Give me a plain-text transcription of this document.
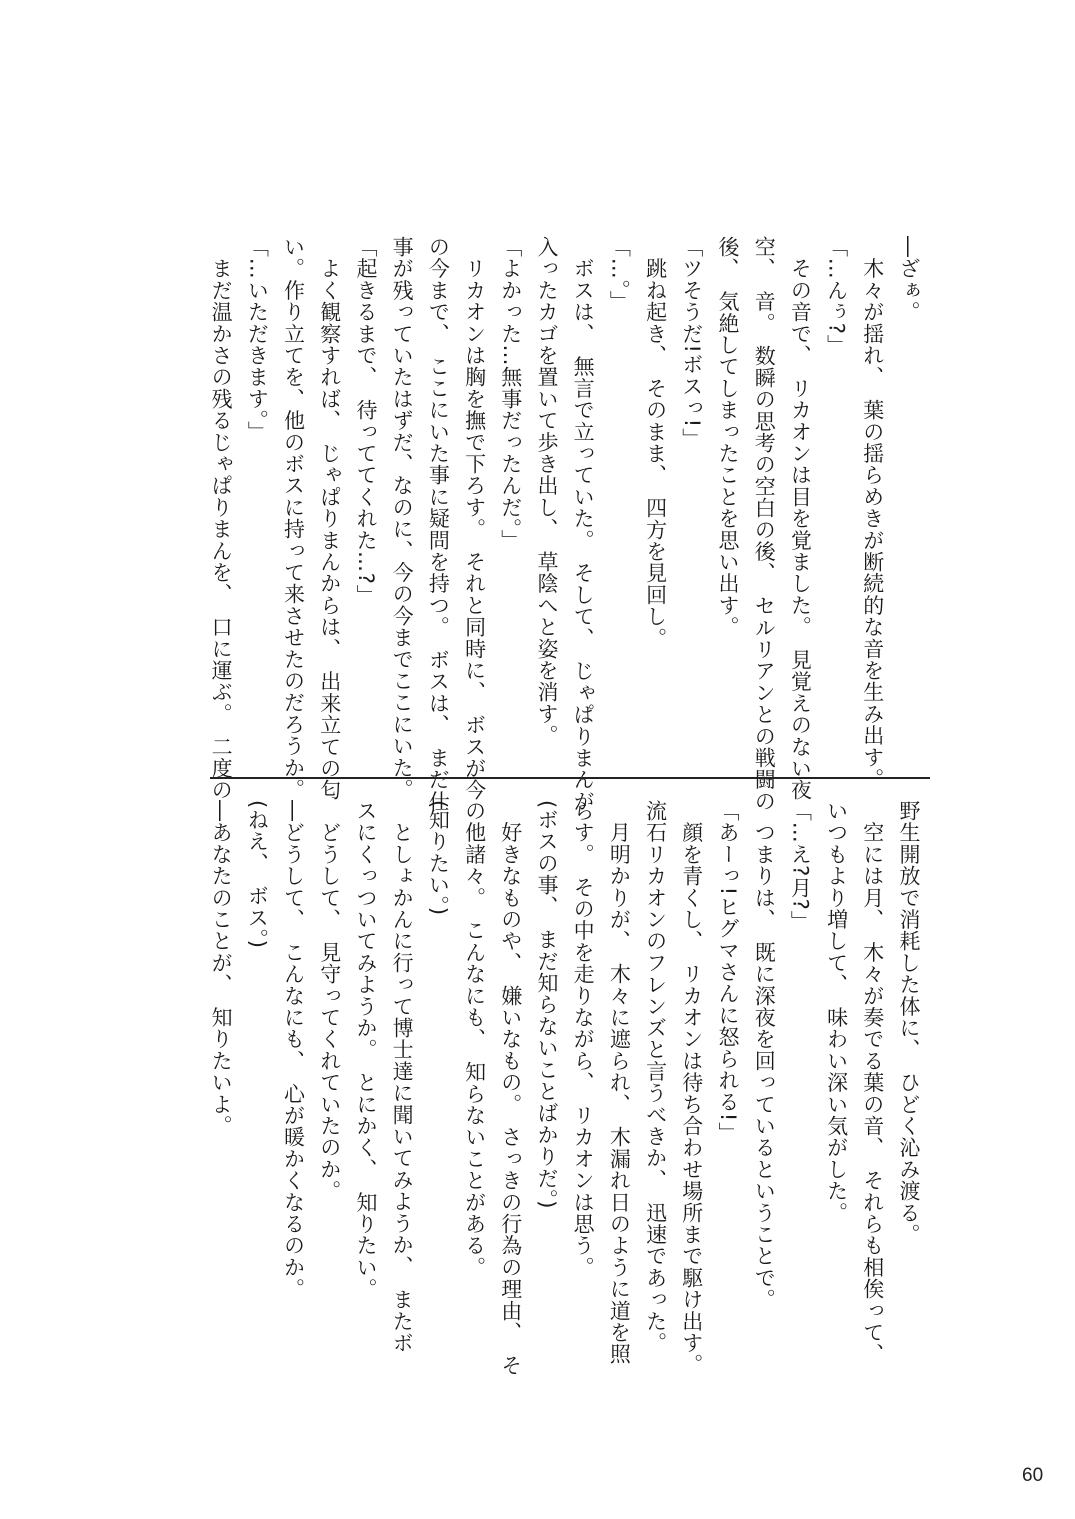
―ざぁ。
　木々が揺れ、　葉の揺らめきが断続的な音を生み出す。
「…んぅ?」
　その音で、　リカオンは目を覚ました。　見覚えのない夜
空、　音。　数瞬の思考の空白の後、　セルリアンとの戦闘の
後、　気絶してしまったことを思い出す。
「ツそうだ!ボスっ!」
　跳ね起き、　そのまま、　四方を見回し。
「…。」
　ボスは、　無言で立っていた。　そして、　じゃぱりまんが
入ったカゴを置いて歩き出し、　草陰へと姿を消す。
「よかった…無事だったんだ。」
　リカオンは胸を撫で下ろす。　それと同時に、　ボスが今
の今まで、　ここにいた事に疑問を持つ。　ボスは、　まだ仕
事が残っていたはずだ、なのに、今の今までここにいた。
「起きるまで、　待っててくれた…?」
　よく観察すれば、　じゃぱりまんからは、　出来立ての匂
い。作り立てを、他のボスに持って来させたのだろうか。
「…いただきます。」
　まだ温かさの残るじゃぱりまんを、　口に運ぶ。　二度の
野生開放で消耗した体に、　ひどく沁み渡る。
　空には月、　木々が奏でる葉の音、　それらも相俟って、
いつもより増して、　味わい深い気がした。
「…え?月?」
　つまりは、　既に深夜を回っているということで。
「あーっ!ヒグマさんに怒られる!」
　顔を青くし、　リカオンは待ち合わせ場所まで駆け出す。
流石リカオンのフレンズと言うべきか、　迅速であった。
　月明かりが、　木々に遮られ、　木漏れ日のように道を照
らす。　その中を走りながら、　リカオンは思う。
(ボスの事、　まだ知らないことばかりだ。)
　好きなものや、　嫌いなもの。　さっきの行為の理由、　そ
の他諸々。　こんなにも、　知らないことがある。
(知りたい。)
　としょかんに行って博士達に聞いてみようか、　またボ
スにくっついてみようか。　とにかく、　知りたい。
　どうして、　見守ってくれていたのか。
―どうして、　こんなにも、　心が暖かくなるのか。
(ねえ、　ボス。)
―あなたのことが、　知りたいよ。
60
